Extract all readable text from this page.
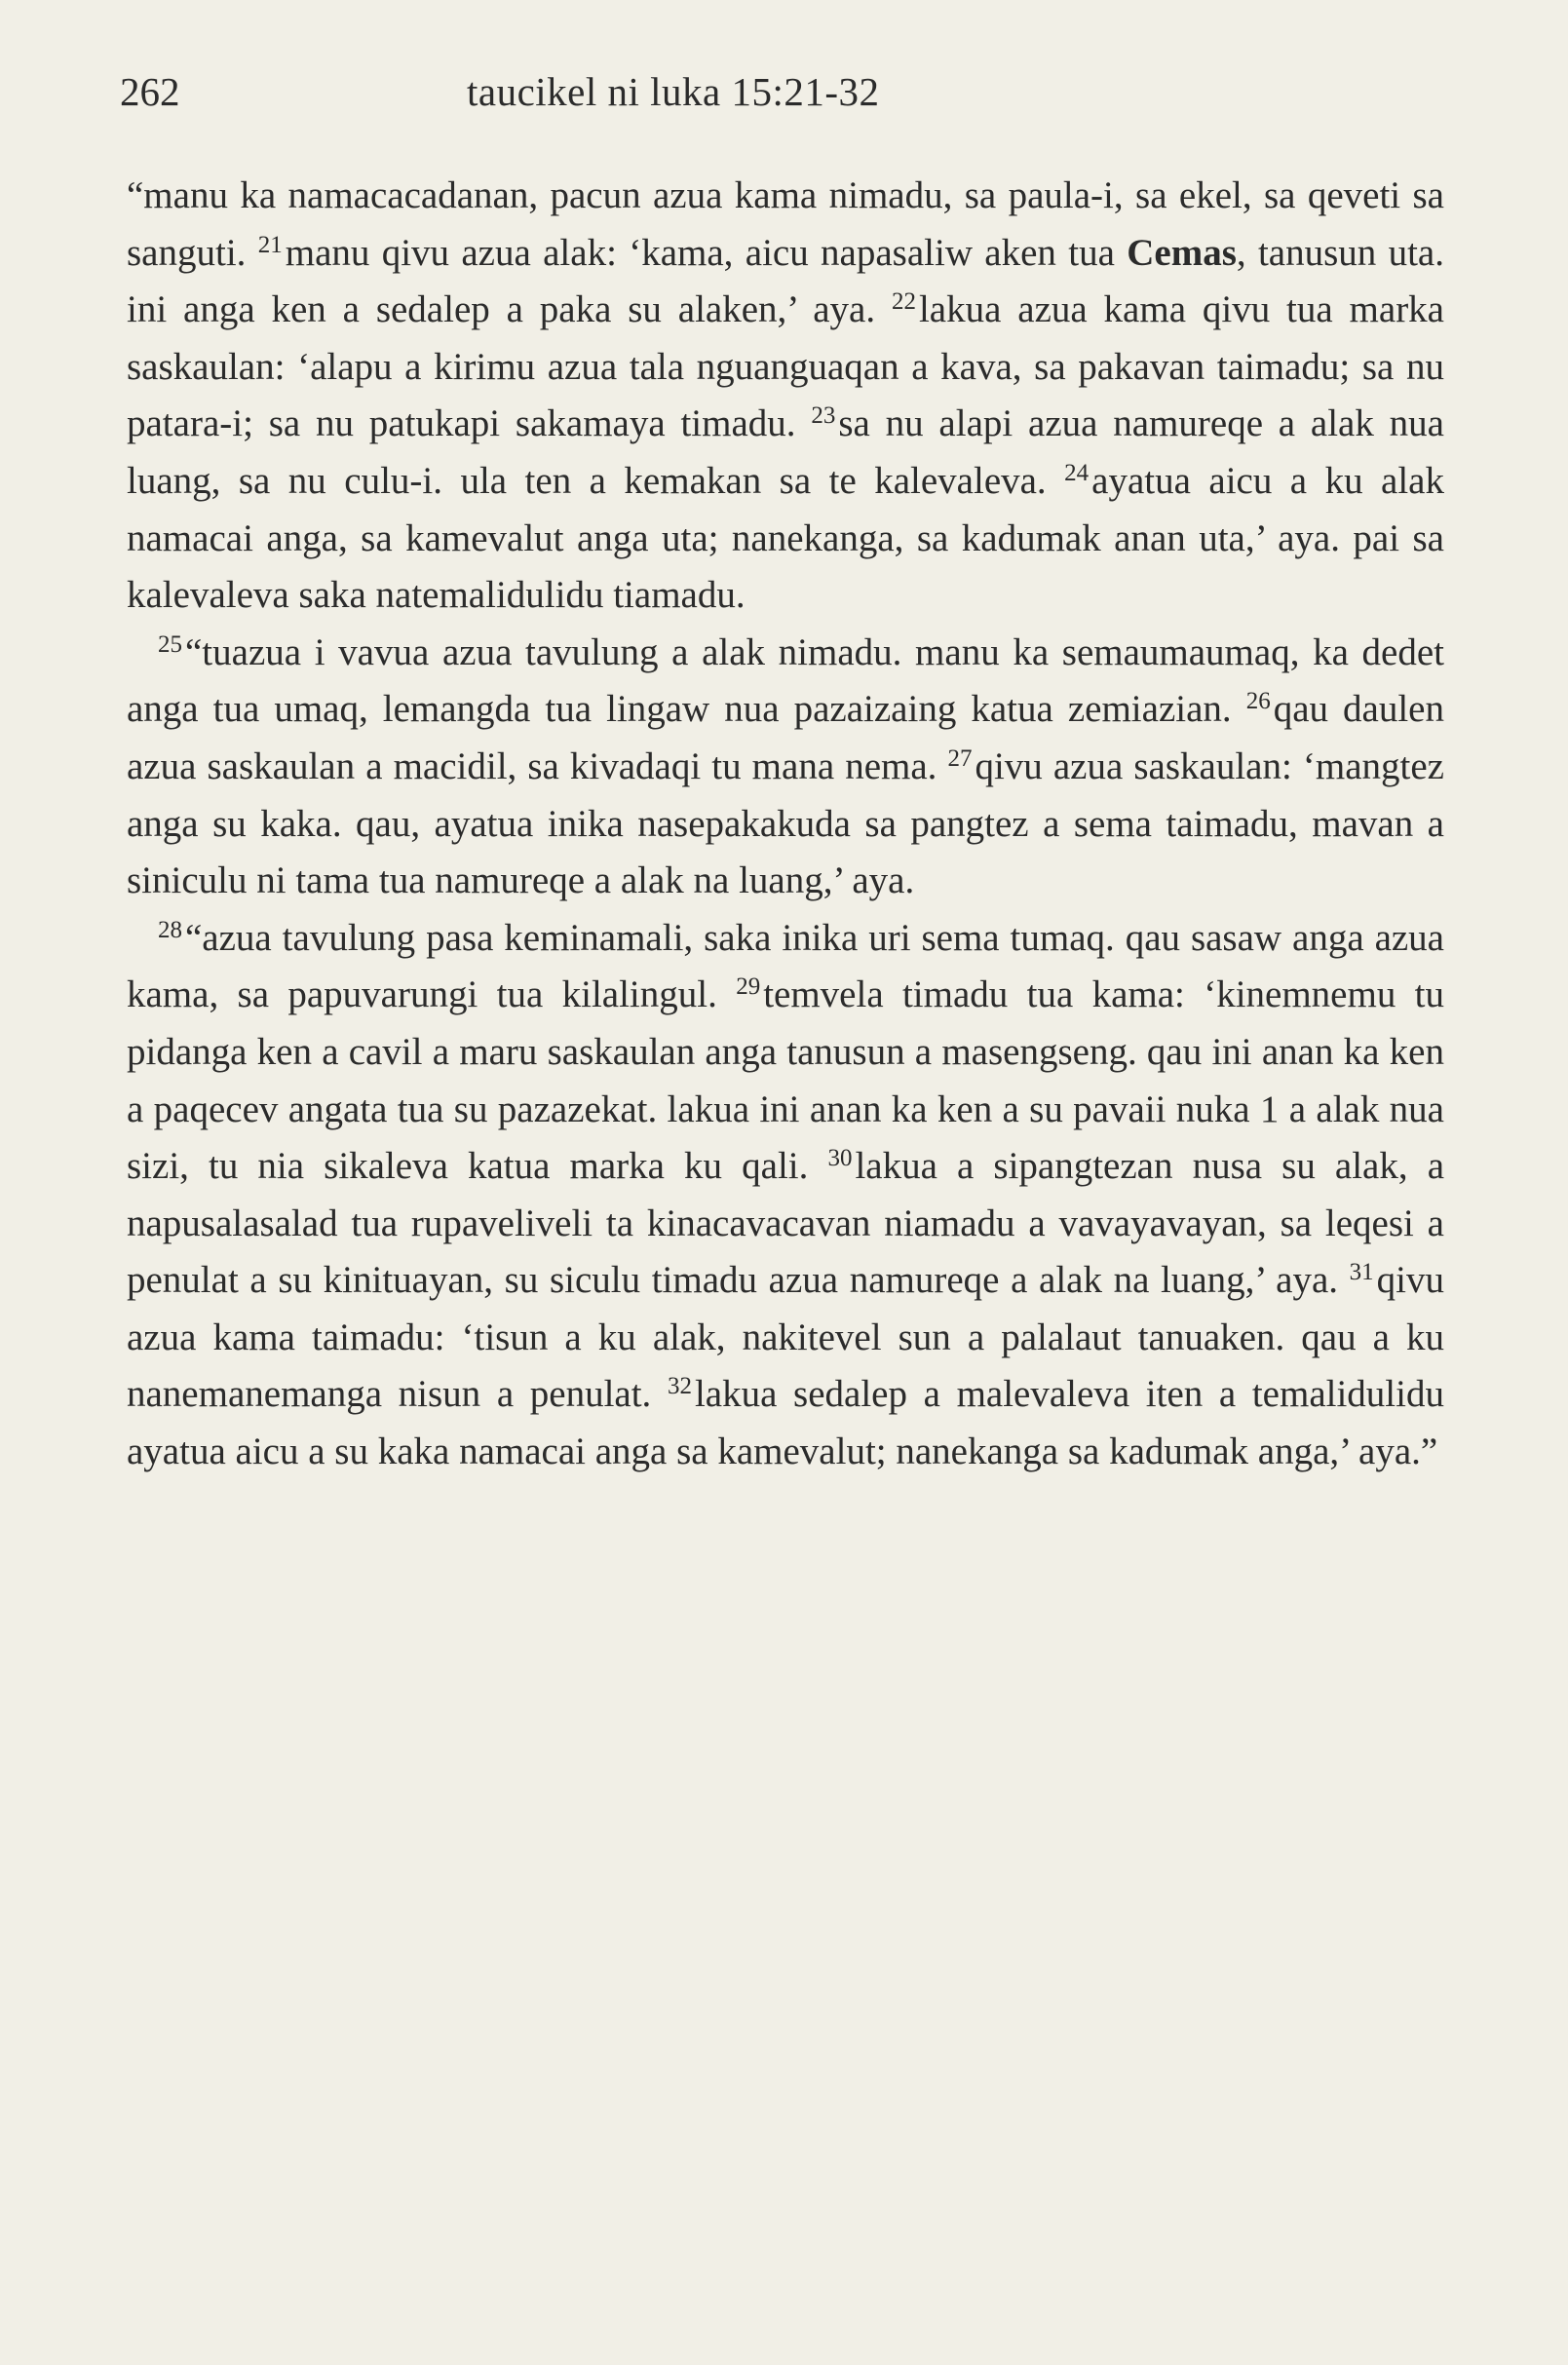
262	taucikel ni luka 15:21-32

“manu ka namacacadanan, pacun azua kama nimadu, sa paula-i, sa ekel, sa qeveti sa sanguti. $^{21}$manu qivu azua alak: ‘kama, aicu napasaliw aken tua Cemas, tanusun uta. ini anga ken a sedalep a paka su alaken,’ aya. $^{22}$lakua azua kama qivu tua marka saskaulan: ‘alapu a kirimu azua tala nguanguaqan a kava, sa pakavan taimadu; sa nu patara-i; sa nu patukapi sakamaya timadu. $^{23}$sa nu alapi azua namureqe a alak nua luang, sa nu culu-i. ula ten a kemakan sa te kalevaleva. $^{24}$ayatua aicu a ku alak namacai anga, sa kamevalut anga uta; nanekanga, sa kadumak anan uta,’ aya. pai sa kalevaleva saka natemalidulidu tiamadu.

$^{25}$“tuazua i vavua azua tavulung a alak nimadu. manu ka semaumaumaq, ka dedet anga tua umaq, lemangda tua lingaw nua pazaizaing katua zemiazian. $^{26}$qau daulen azua saskaulan a macidil, sa kivadaqi tu mana nema. $^{27}$qivu azua saskaulan: ‘mangtez anga su kaka. qau, ayatua inika nasepakakuda sa pangtez a sema taimadu, mavan a siniculu ni tama tua namureqe a alak na luang,’ aya.

$^{28}$“azua tavulung pasa keminamali, saka inika uri sema tumaq. qau sasaw anga azua kama, sa papuvarungi tua kilalingul. $^{29}$temvela timadu tua kama: ‘kinemnemu tu pidanga ken a cavil a maru saskaulan anga tanusun a masengseng. qau ini anan ka ken a paqecev angata tua su pazazekat. lakua ini anan ka ken a su pavaii nuka 1 a alak nua sizi, tu nia sikaleva katua marka ku qali. $^{30}$lakua a sipangtezan nusa su alak, a napusalasalad tua rupaveliveli ta kinacavacavan niamadu a vavayavayan, sa leqesi a penulat a su kinituayan, su siculu timadu azua namureqe a alak na luang,’ aya. $^{31}$qivu azua kama taimadu: ‘tisun a ku alak, nakitevel sun a palalaut tanuaken. qau a ku nanemanemanga nisun a penulat. $^{32}$lakua sedalep a malevaleva iten a temalidulidu ayatua aicu a su kaka namacai anga sa kamevalut; nanekanga sa kadumak anga,’ aya.”
